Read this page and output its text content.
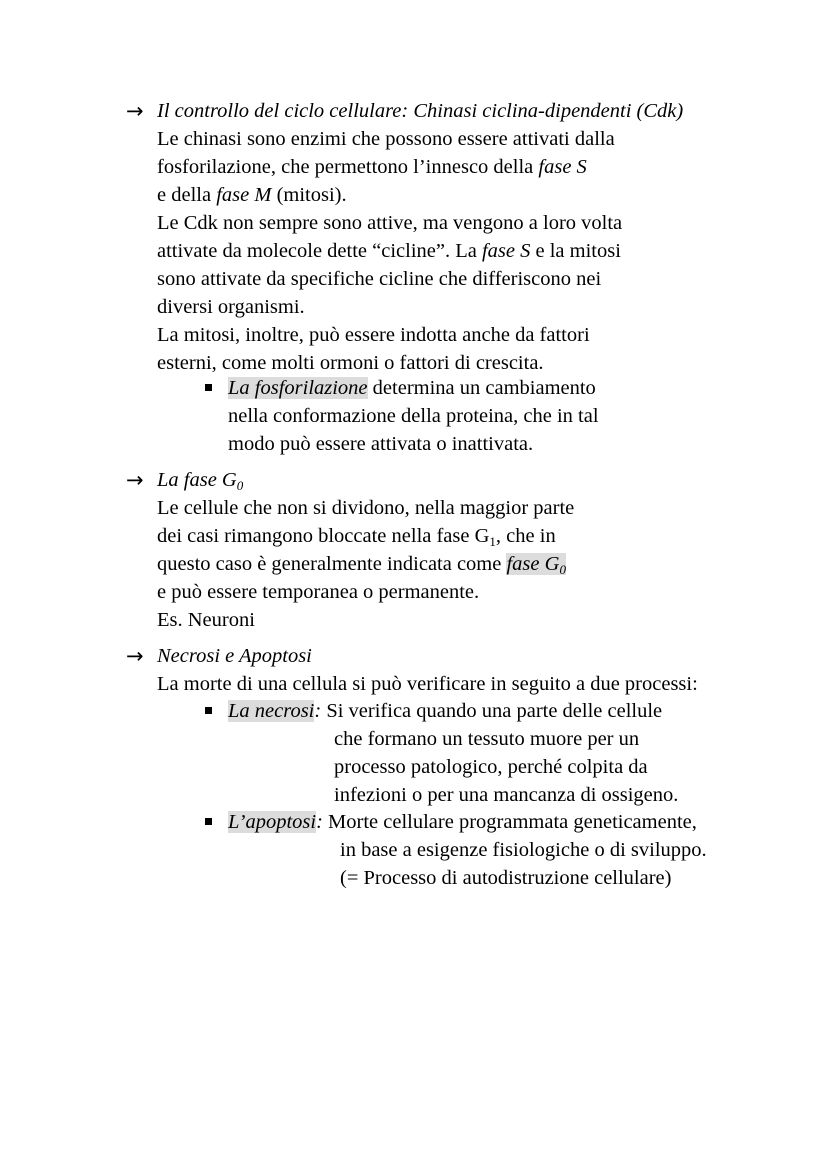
→ Il controllo del ciclo cellulare: Chinasi ciclina-dipendenti (Cdk)
Le chinasi sono enzimi che possono essere attivati dalla
fosforilazione, che permettono l’innesco della fase S
e della fase M (mitosi).
Le Cdk non sempre sono attive, ma vengono a loro volta
attivate da molecole dette “cicline”. La fase S e la mitosi
sono attivate da specifiche cicline che differiscono nei
diversi organismi.
La mitosi, inoltre, può essere indotta anche da fattori
esterni, come molti ormoni o fattori di crescita.
La fosforilazione determina un cambiamento
nella conformazione della proteina, che in tal
modo può essere attivata o inattivata.
→ La fase G0
Le cellule che non si dividono, nella maggior parte
dei casi rimangono bloccate nella fase G1, che in
questo caso è generalmente indicata come fase G0
e può essere temporanea o permanente.
Es. Neuroni
→ Necrosi e Apoptosi
La morte di una cellula si può verificare in seguito a due processi:
La necrosi: Si verifica quando una parte delle cellule
che formano un tessuto muore per un
processo patologico, perché colpita da
infezioni o per una mancanza di ossigeno.
L’apoptosi: Morte cellulare programmata geneticamente,
in base a esigenze fisiologiche o di sviluppo.
(= Processo di autodistruzione cellulare)
